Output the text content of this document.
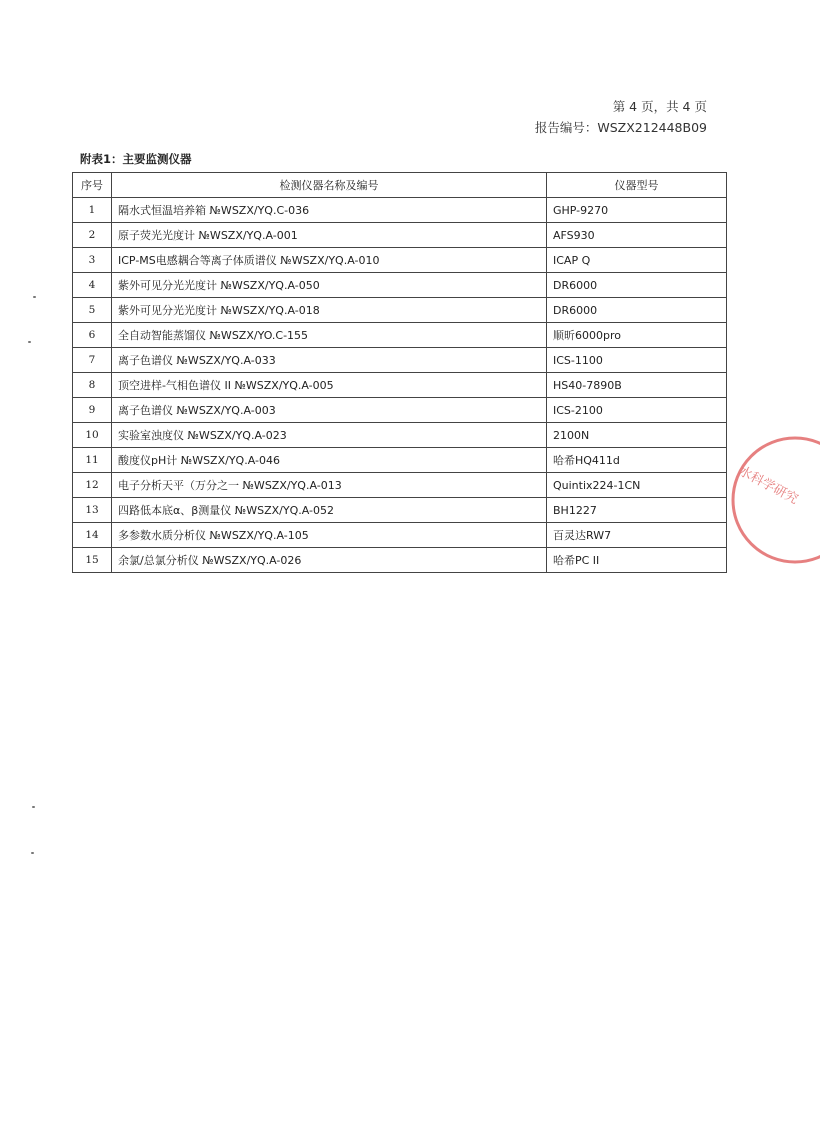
第 4 页，共 4 页
报告编号：WSZX212448B09
附表1：主要监测仪器
序号	检测仪器名称及编号	仪器型号
1	隔水式恒温培养箱 №WSZX/YQ.C-036	GHP-9270
2	原子荧光光度计 №WSZX/YQ.A-001	AFS930
3	ICP-MS电感耦合等离子体质谱仪 №WSZX/YQ.A-010	ICAP Q
4	紫外可见分光光度计 №WSZX/YQ.A-050	DR6000
5	紫外可见分光光度计 №WSZX/YQ.A-018	DR6000
6	全自动智能蒸馏仪 №WSZX/YO.C-155	顺昕6000pro
7	离子色谱仪 №WSZX/YQ.A-033	ICS-1100
8	顶空进样-气相色谱仪 II №WSZX/YQ.A-005	HS40-7890B
9	离子色谱仪 №WSZX/YQ.A-003	ICS-2100
10	实验室浊度仪 №WSZX/YQ.A-023	2100N
11	酸度仪pH计 №WSZX/YQ.A-046	哈希HQ411d
12	电子分析天平（万分之一 №WSZX/YQ.A-013	Quintix224-1CN
13	四路低本底α、β测量仪 №WSZX/YQ.A-052	BH1227
14	多参数水质分析仪 №WSZX/YQ.A-105	百灵达RW7
15	余氯/总氯分析仪 №WSZX/YQ.A-026	哈希PC II
水科学研究
